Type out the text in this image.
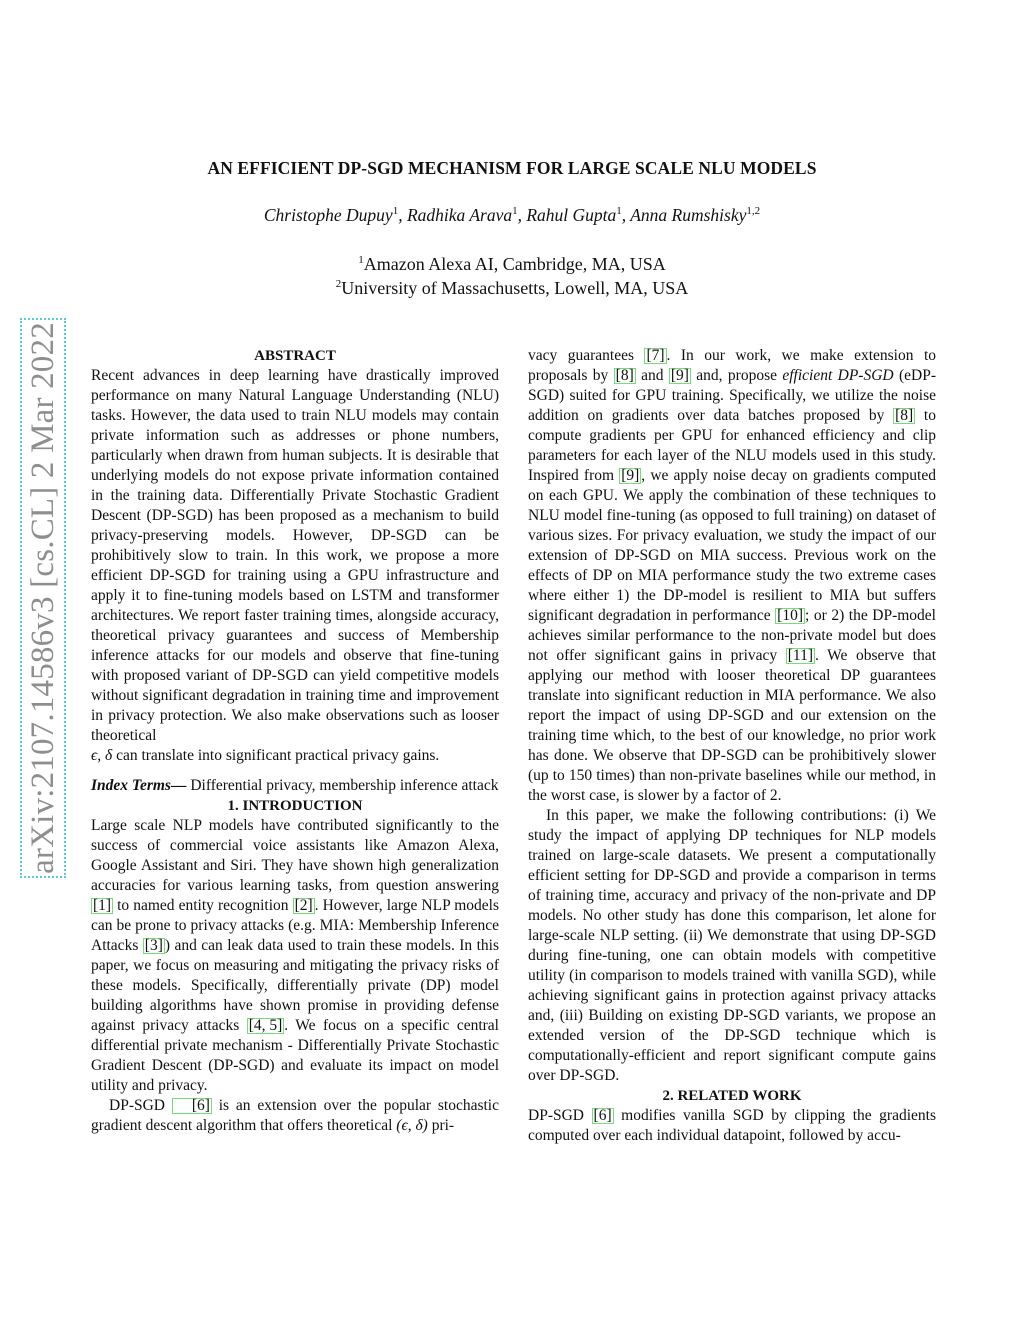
AN EFFICIENT DP-SGD MECHANISM FOR LARGE SCALE NLU MODELS
Christophe Dupuy$^1$, Radhika Arava$^1$, Rahul Gupta$^1$, Anna Rumshisky$^{1,2}$
$^1$Amazon Alexa AI, Cambridge, MA, USA
$^2$University of Massachusetts, Lowell, MA, USA
arXiv:2107.14586v3 [cs.CL] 2 Mar 2022	ABSTRACT

Recent advances in deep learning have drastically improved performance on many Natural Language Understanding (NLU) tasks. However, the data used to train NLU models may contain private information such as addresses or phone numbers, particularly when drawn from human subjects. It is desirable that underlying models do not expose private information contained in the training data. Differentially Private Stochastic Gradient Descent (DP-SGD) has been proposed as a mechanism to build privacy-preserving models. However, DP-SGD can be prohibitively slow to train. In this work, we propose a more efficient DP-SGD for training using a GPU infrastructure and apply it to fine-tuning models based on LSTM and transformer architectures. We report faster training times, alongside accuracy, theoretical privacy guarantees and success of Membership inference attacks for our models and observe that fine-tuning with proposed variant of DP-SGD can yield competitive models without significant degradation in training time and improvement in privacy protection. We also make observations such as looser theoretical
ϵ, δ can translate into significant practical privacy gains.

Index Terms— Differential privacy, membership inference attack

1. INTRODUCTION

Large scale NLP models have contributed significantly to the success of commercial voice assistants like Amazon Alexa, Google Assistant and Siri. They have shown high generalization accuracies for various learning tasks, from question answering [1] to named entity recognition [2] . However, large NLP models can be prone to privacy attacks (e.g. MIA: Membership Inference Attacks [3] ) and can leak data used to train these models. In this paper, we focus on measuring and mitigating the privacy risks of these models. Specifically, differentially private (DP) model building algorithms have shown promise in providing defense against privacy attacks [4, 5] . We focus on a specific central differential private mechanism - Differentially Private Stochastic Gradient Descent (DP-SGD) and evaluate its impact on model utility and privacy.

DP-SGD [6] is an extension over the popular stochastic gradient descent algorithm that offers theoretical (ϵ, δ) pri-

vacy guarantees [7] . In our work, we make extension to proposals by [8] and [9] and, propose efficient DP-SGD (eDP-SGD) suited for GPU training. Specifically, we utilize the noise addition on gradients over data batches proposed by [8] to compute gradients per GPU for enhanced efficiency and clip parameters for each layer of the NLU models used in this study. Inspired from [9] , we apply noise decay on gradients computed on each GPU. We apply the combination of these techniques to NLU model fine-tuning (as opposed to full training) on dataset of various sizes. For privacy evaluation, we study the impact of our extension of DP-SGD on MIA success. Previous work on the effects of DP on MIA performance study the two extreme cases where either 1) the DP-model is resilient to MIA but suffers significant degradation in performance [10] ; or 2) the DP-model achieves similar performance to the non-private model but does not offer significant gains in privacy [11] . We observe that applying our method with looser theoretical DP guarantees translate into significant reduction in MIA performance. We also report the impact of using DP-SGD and our extension on the training time which, to the best of our knowledge, no prior work has done. We observe that DP-SGD can be prohibitively slower (up to 150 times) than non-private baselines while our method, in the worst case, is slower by a factor of 2.

In this paper, we make the following contributions: (i) We study the impact of applying DP techniques for NLP models trained on large-scale datasets. We present a computationally efficient setting for DP-SGD and provide a comparison in terms of training time, accuracy and privacy of the non-private and DP models. No other study has done this comparison, let alone for large-scale NLP setting. (ii) We demonstrate that using DP-SGD during fine-tuning, one can obtain models with competitive utility (in comparison to models trained with vanilla SGD), while achieving significant gains in protection against privacy attacks and, (iii) Building on existing DP-SGD variants, we propose an extended version of the DP-SGD technique which is computationally-efficient and report significant compute gains over DP-SGD.

2. RELATED WORK

DP-SGD [6] modifies vanilla SGD by clipping the gradients computed over each individual datapoint, followed by accu-
